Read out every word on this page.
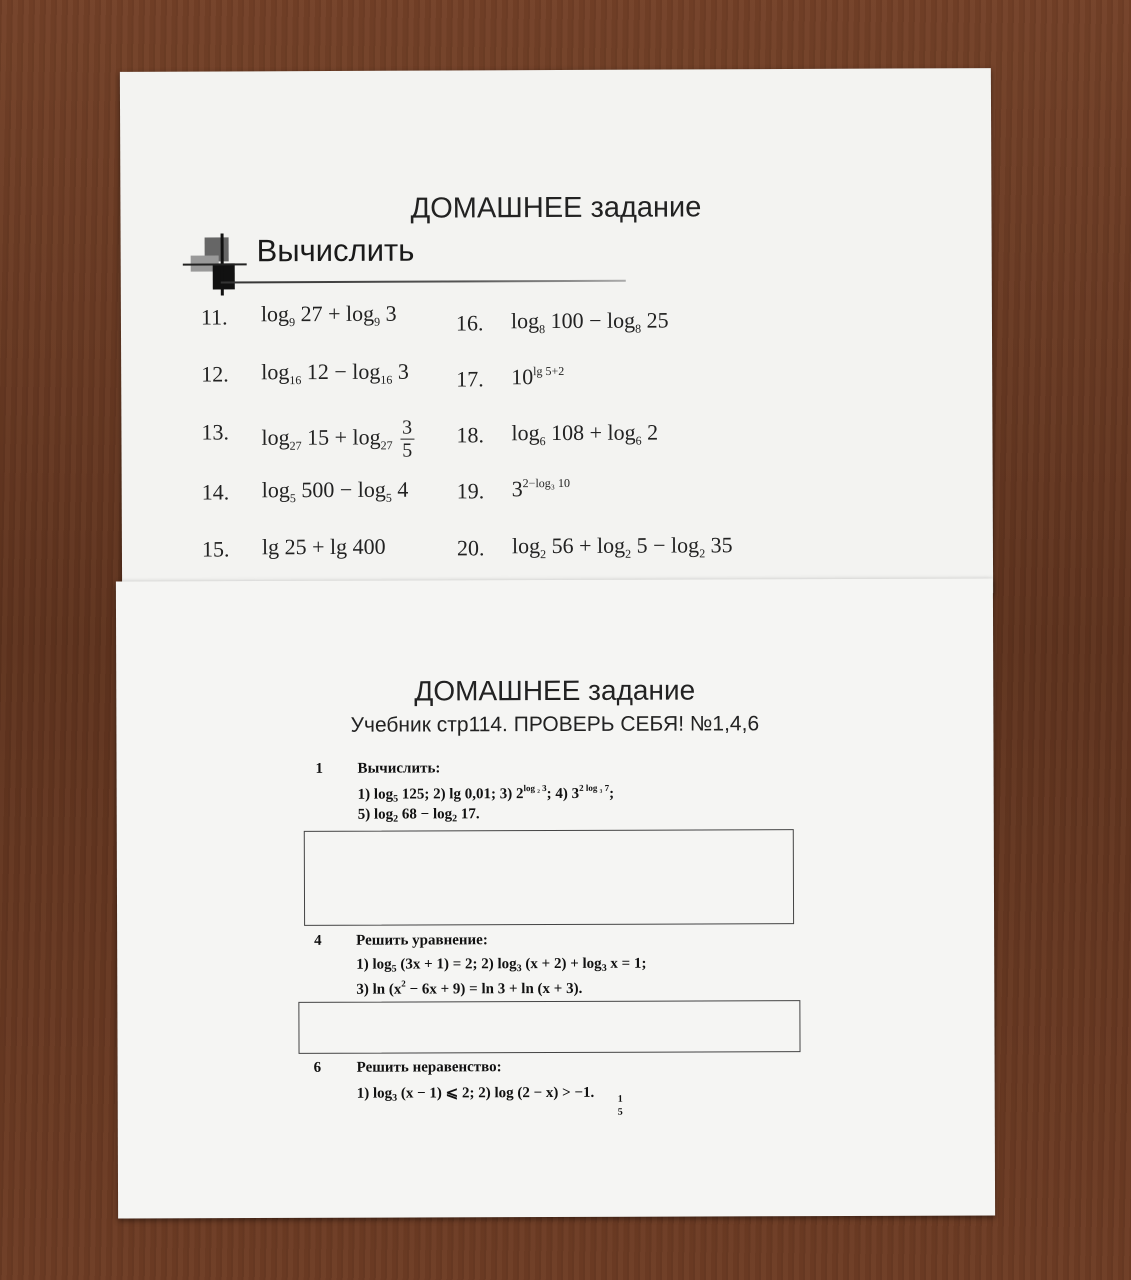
ДОМАШНЕЕ задание
Вычислить
11. $\log_9 27 + \log_9 3$
12. $\log_{16} 12 - \log_{16} 3$
13. $\log_{27} 15 + \log_{27} \frac{3}{5}$
14. $\log_5 500 - \log_5 4$
15. lg 25 + lg 400
16. $\log_8 100 - \log_8 25$
17. $10^{lg 5+2}$
18. $\log_6 108 + \log_6 2$
19. $3^{2-log_3 10}$
20. $\log_2 56 + \log_2 5 - \log_2 35$
ДОМАШНЕЕ задание
Учебник стр114. ПРОВЕРЬ СЕБЯ! №1,4,6
1 Вычислить:
1) $\log_5 125$; 2) lg 0,01; 3) $2^{log _2 3}$; 4) $3^{2 log _3 7}$;
5) $\log_2 68 - \log_2 17$.
4 Решить уравнение:
1) $\log_5 (3x + 1) = 2$; 2) $\log_3 (x + 2) + \log_3 x = 1$;
3) $\ln (x^2 - 6x + 9) = \ln 3 + \ln (x + 3)$.
6 Решить неравенство:
1) $\log_3 (x - 1)$ ⩽ 2; 2) log (2 − x) > −1. 1
5
